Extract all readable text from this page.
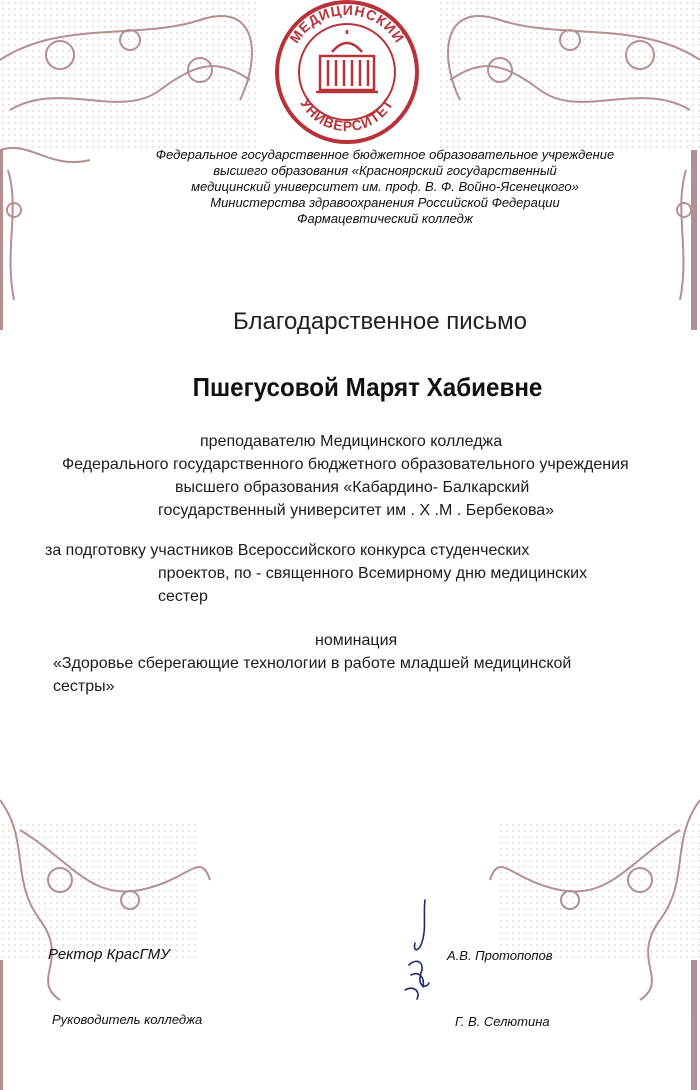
МЕДИЦИНСКИЙ
УНИВЕРСИТЕТ
Федеральное государственное бюджетное образовательное учреждение
высшего образования «Красноярский государственный
медицинский университет им. проф. В. Ф. Войно-Ясенецкого»
Министерства здравоохранения Российской Федерации
Фармацевтический колледж
Благодарственное письмо
Пшегусовой Марят Хабиевне
преподавателю Медицинского колледжа
Федерального государственного бюджетного образовательного учреждения
высшего образования «Кабардино- Балкарский
государственный университет им . Х .М . Бербекова»
за подготовку участников Всероссийского конкурса студенческих
проектов, по - священного Всемирному дню медицинских
сестер
номинация
«Здоровье сберегающие технологии в работе младшей медицинской
сестры»
Ректор КрасГМУ	А.В. Протопопов
Руководитель колледжа	Г. В. Селютина
